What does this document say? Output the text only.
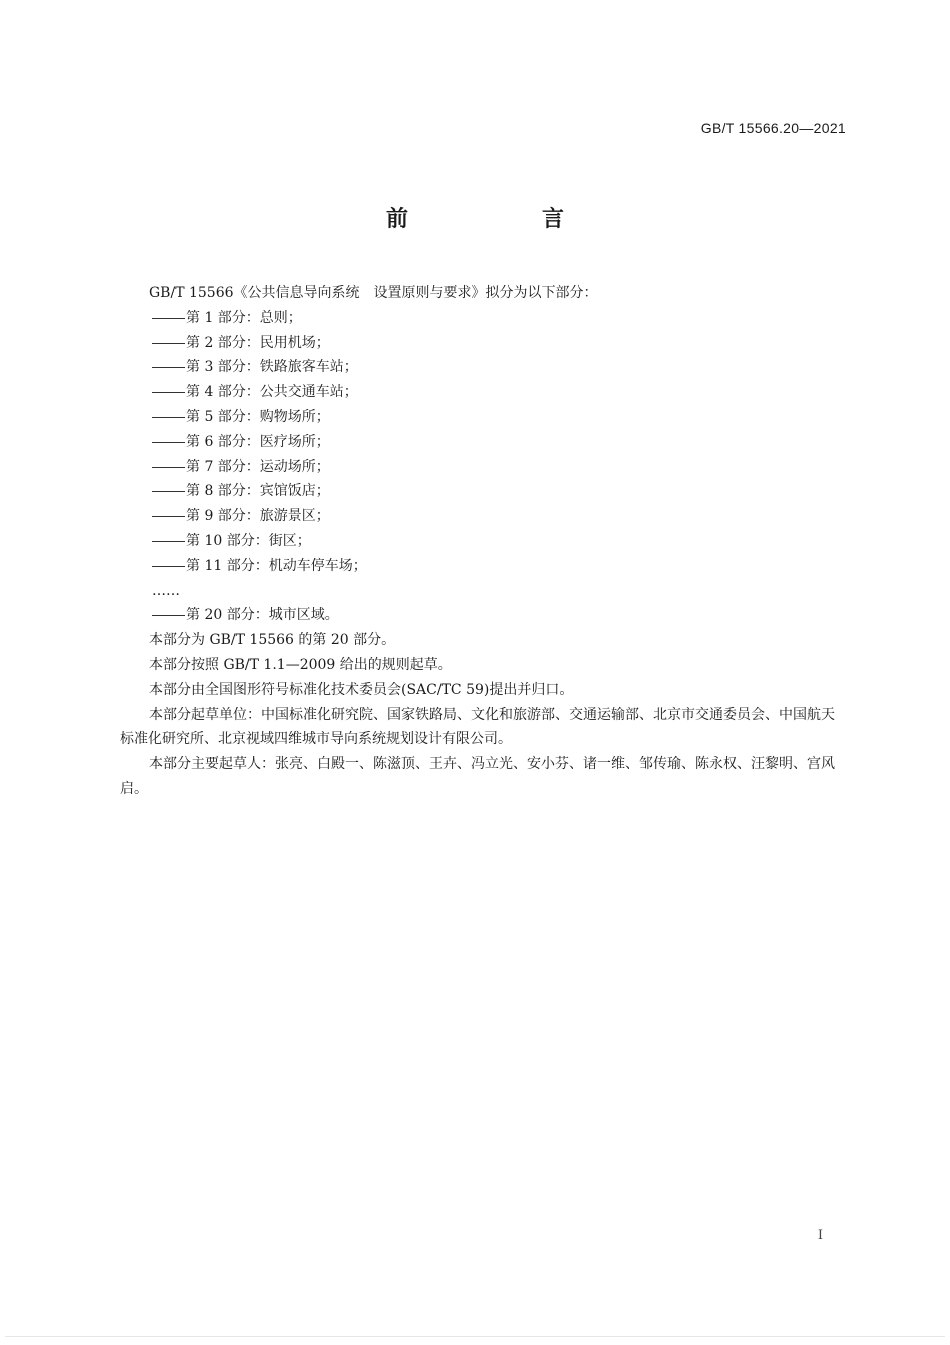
GB/T 15566.20—2021
前　言

GB/T 15566《公共信息导向系统　设置原则与要求》拟分为以下部分：

第 1 部分：总则；
第 2 部分：民用机场；
第 3 部分：铁路旅客车站；
第 4 部分：公共交通车站；
第 5 部分：购物场所；
第 6 部分：医疗场所；
第 7 部分：运动场所；
第 8 部分：宾馆饭店；
第 9 部分：旅游景区；
第 10 部分：街区；
第 11 部分：机动车停车场；

……

第 20 部分：城市区域。

本部分为 GB/T 15566 的第 20 部分。

本部分按照 GB/T 1.1—2009 给出的规则起草。

本部分由全国图形符号标准化技术委员会(SAC/TC 59)提出并归口。

本部分起草单位：中国标准化研究院、国家铁路局、文化和旅游部、交通运输部、北京市交通委员会、中国航天标准化研究所、北京视域四维城市导向系统规划设计有限公司。

本部分主要起草人：张亮、白殿一、陈滋顶、王卉、冯立光、安小芬、诸一维、邹传瑜、陈永权、汪黎明、宫风启。

I
